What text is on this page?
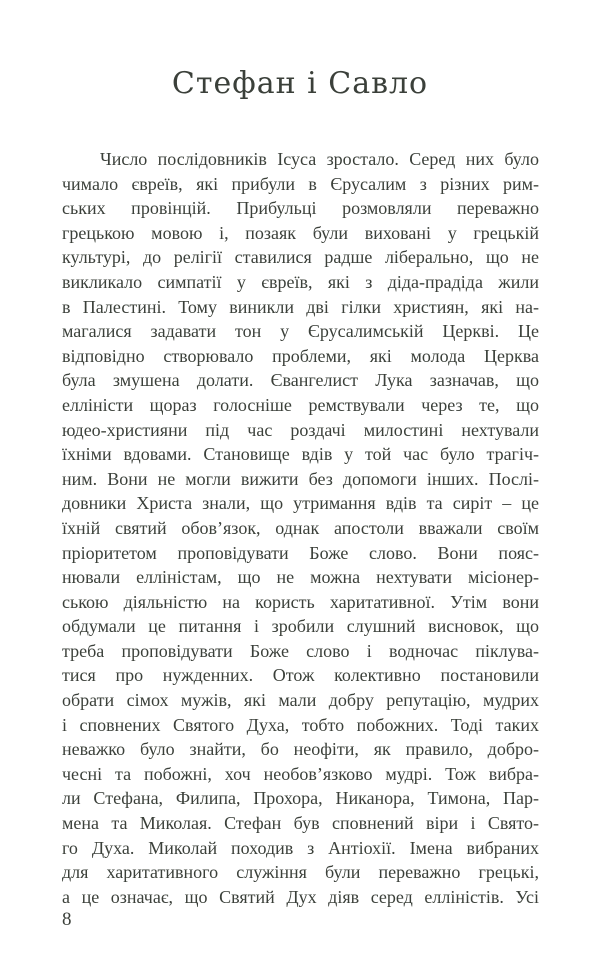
Стефан і Савло
Число послідовників Ісуса зростало. Серед них було
чимало євреїв, які прибули в Єрусалим з різних рим-
ських провінцій. Прибульці розмовляли переважно
грецькою мовою і, позаяк були виховані у грецькій
культурі, до релігії ставилися радше ліберально, що не
викликало симпатії у євреїв, які з діда-прадіда жили
в Палестині. Тому виникли дві гілки християн, які на-
магалися задавати тон у Єрусалимській Церкві. Це
відповідно створювало проблеми, які молода Церква
була змушена долати. Євангелист Лука зазначав, що
елліністи щораз голосніше ремствували через те, що
юдео-християни під час роздачі милостині нехтували
їхніми вдовами. Становище вдів у той час було трагіч-
ним. Вони не могли вижити без допомоги інших. Послі-
довники Христа знали, що утримання вдів та сиріт – це
їхній святий обов’язок, однак апостоли вважали своїм
пріоритетом проповідувати Боже слово. Вони пояс-
нювали елліністам, що не можна нехтувати місіонер-
ською діяльністю на користь харитативної. Утім вони
обдумали це питання і зробили слушний висновок, що
треба проповідувати Боже слово і водночас піклува-
тися про нужденних. Отож колективно постановили
обрати сімох мужів, які мали добру репутацію, мудрих
і сповнених Святого Духа, тобто побожних. Тоді таких
неважко було знайти, бо неофіти, як правило, добро-
чесні та побожні, хоч необов’язково мудрі. Тож вибра-
ли Стефана, Филипа, Прохора, Никанора, Тимона, Пар-
мена та Миколая. Стефан був сповнений віри і Свято-
го Духа. Миколай походив з Антіохії. Імена вибраних
для харитативного служіння були переважно грецькі,
а це означає, що Святий Дух діяв серед елліністів. Усі
8
